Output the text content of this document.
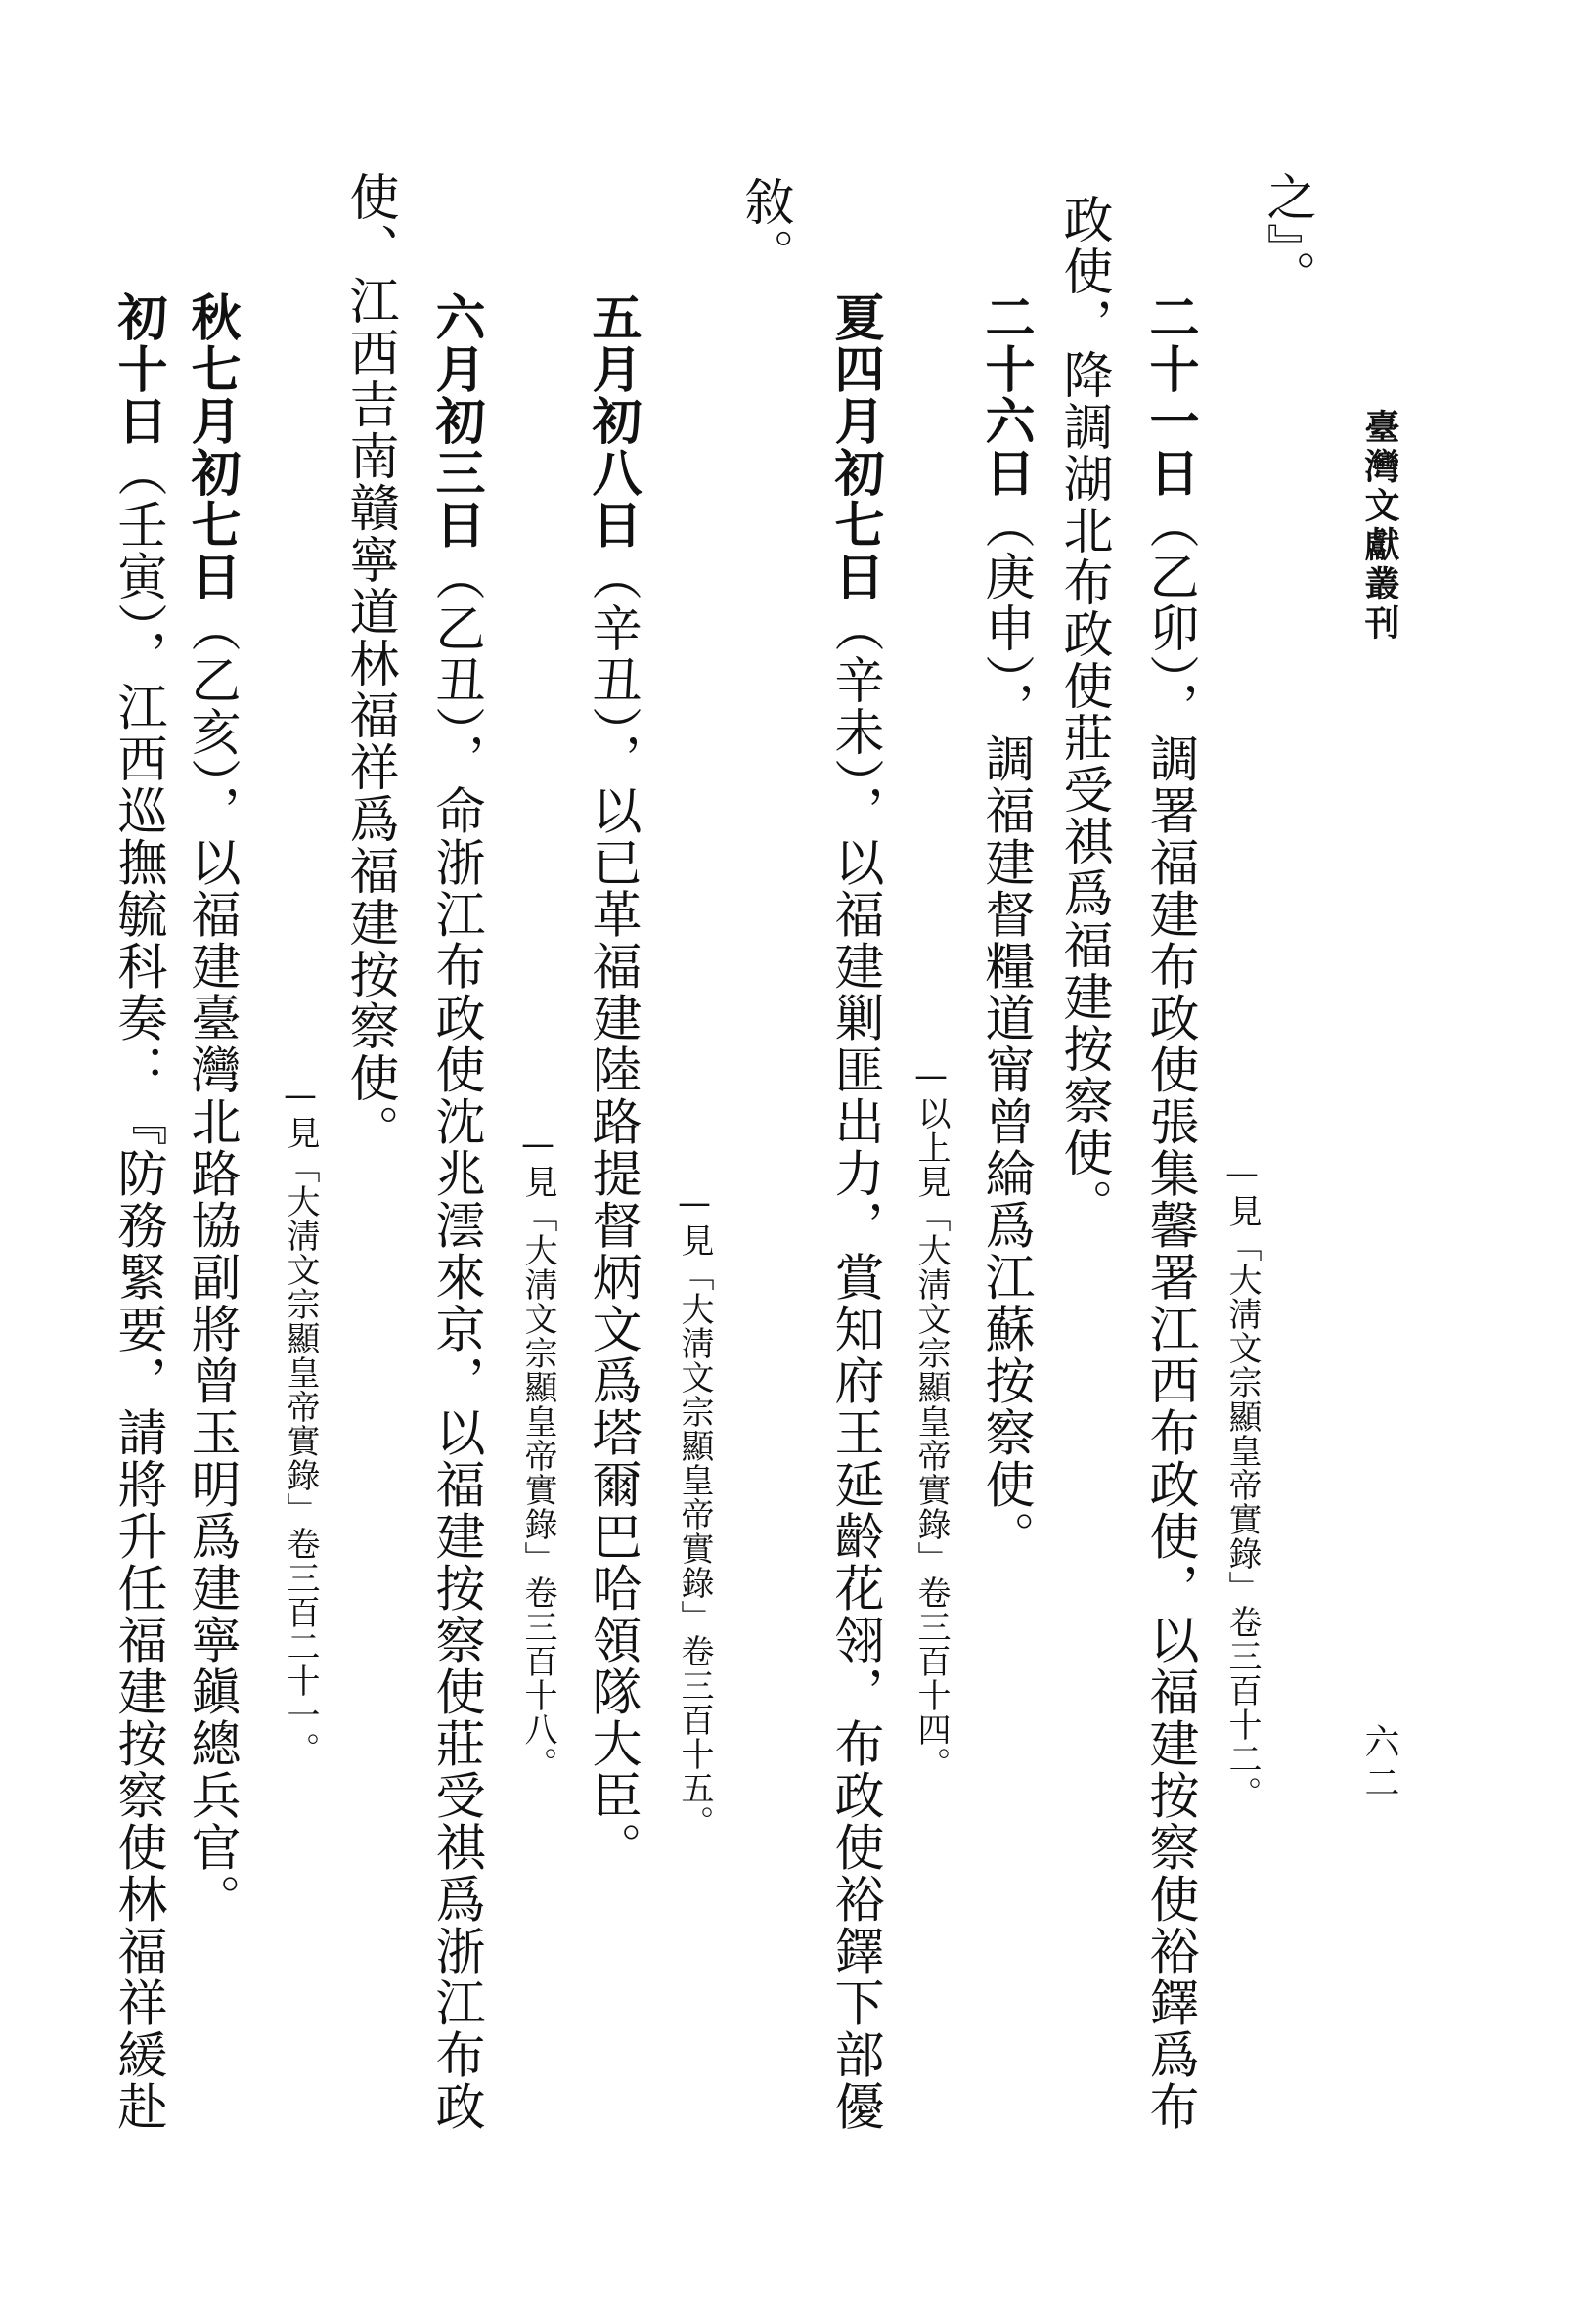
臺灣文獻叢刊
六二
之』。
—見「大淸文宗顯皇帝實錄」卷三百十二。
二十一日（乙卯），調署福建布政使張集馨署江西布政使，以福建按察使裕鐸爲布
政使，降調湖北布政使莊受祺爲福建按察使。
二十六日（庚申），調福建督糧道甯曾綸爲江蘇按察使。
—以上見「大淸文宗顯皇帝實錄」卷三百十四。
夏四月初七日（辛未），以福建剿匪出力，賞知府王延齡花翎，布政使裕鐸下部優
敘。
五月初八日（辛丑），以已革福建陸路提督炳文爲塔爾巴哈領隊大臣。 —見「大淸文宗顯皇帝實錄」卷三百十五。
六月初三日（乙丑），命浙江布政使沈兆澐來京，以福建按察使莊受祺爲浙江布政
使、江西吉南贛寧道林福祥爲福建按察使。
—見「大淸文宗顯皇帝實錄」卷三百十八。
—見「大淸文宗顯皇帝實錄」卷三百二十一。
秋七月初七日（乙亥），以福建臺灣北路協副將曾玉明爲建寧鎭總兵官。
初十日（壬寅），江西巡撫毓科奏：『防務緊要，請將升任福建按察使林福祥緩赴
